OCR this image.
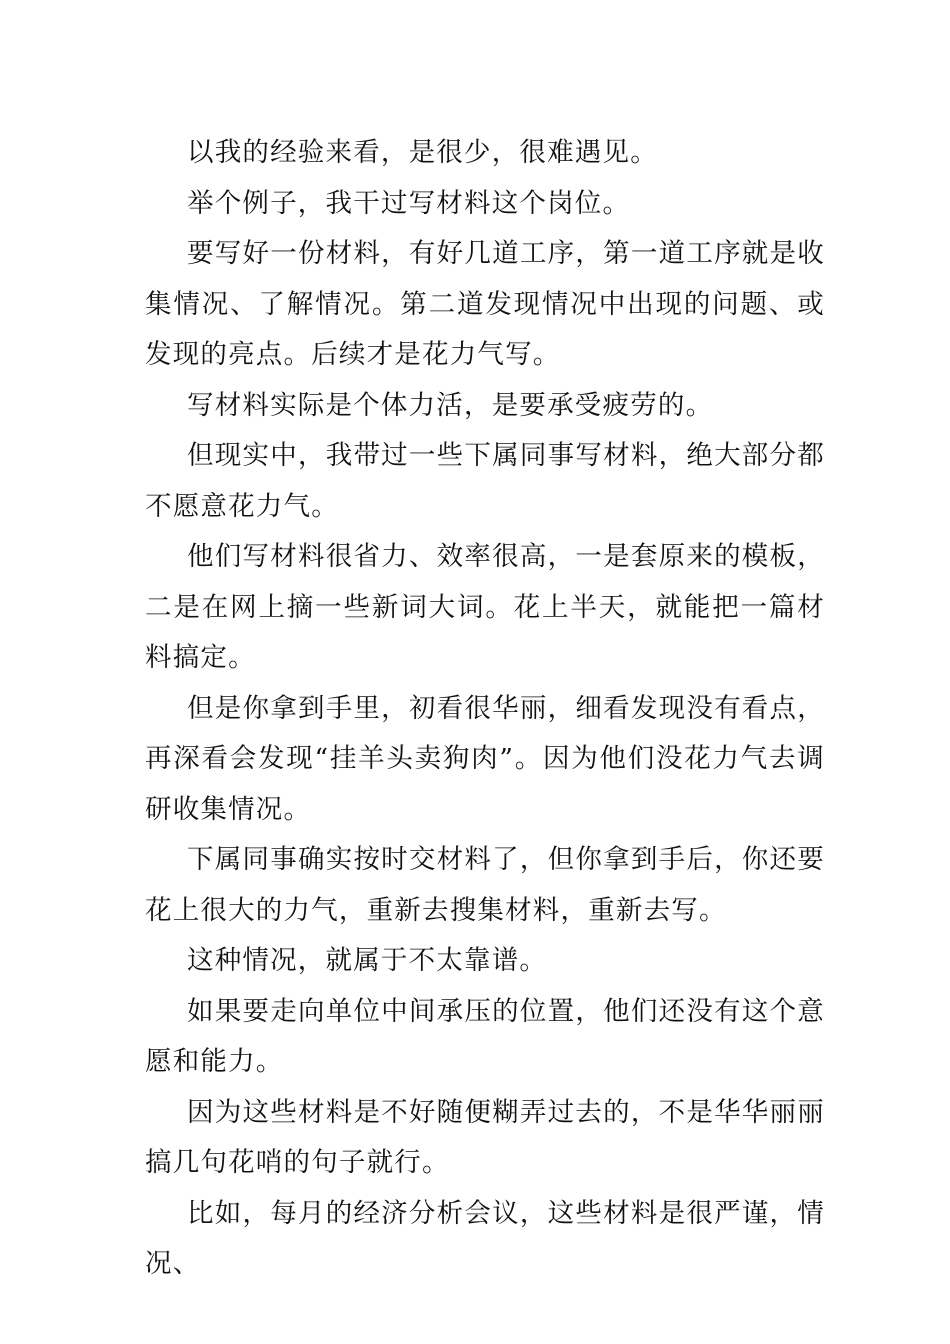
以我的经验来看，是很少，很难遇见。

举个例子，我干过写材料这个岗位。

要写好一份材料，有好几道工序，第一道工序就是收集情况、了解情况。第二道发现情况中出现的问题、或发现的亮点。后续才是花力气写。

写材料实际是个体力活，是要承受疲劳的。

但现实中，我带过一些下属同事写材料，绝大部分都不愿意花力气。

他们写材料很省力、效率很高，一是套原来的模板，二是在网上摘一些新词大词。花上半天，就能把一篇材料搞定。

但是你拿到手里，初看很华丽，细看发现没有看点，再深看会发现“挂羊头卖狗肉”。因为他们没花力气去调研收集情况。

下属同事确实按时交材料了，但你拿到手后，你还要花上很大的力气，重新去搜集材料，重新去写。

这种情况，就属于不太靠谱。

如果要走向单位中间承压的位置，他们还没有这个意愿和能力。

因为这些材料是不好随便糊弄过去的，不是华华丽丽搞几句花哨的句子就行。

比如，每月的经济分析会议，这些材料是很严谨，情况、
